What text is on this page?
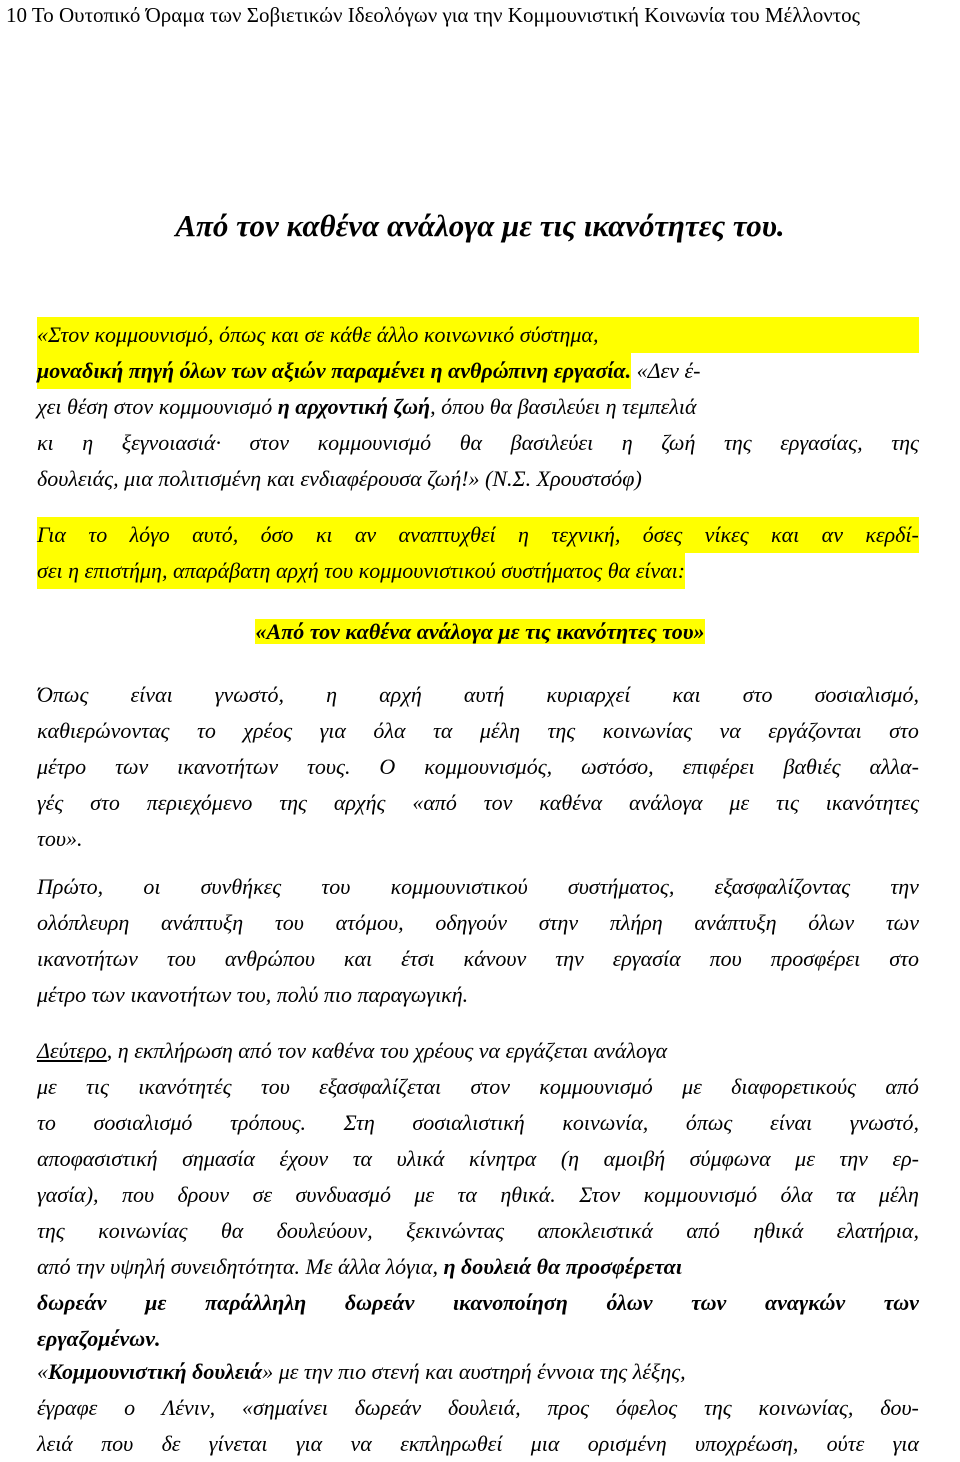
10 Το Ουτοπικό Όραμα των Σοβιετικών Ιδεολόγων για την Κομμουνιστική Κοινωνία του Μέλλοντος
Από τον καθένα ανάλογα με τις ικανότητες του.
«Στον κομμουνισμό, όπως και σε κάθε άλλο κοινωνικό σύστημα,
μοναδική πηγή όλων των αξιών παραμένει η ανθρώπινη εργασία. «Δεν έ-
χει θέση στον κομμουνισμό η αρχοντική ζωή, όπου θα βασιλεύει η τεμπελιά
κι η ξεγνοιασιά· στον κομμουνισμό θα βασιλεύει η ζωή της εργασίας, της
δουλειάς, μια πολιτισμένη και ενδιαφέρουσα ζωή!» (Ν.Σ. Χρουστσόφ)
Για το λόγο αυτό, όσο κι αν αναπτυχθεί η τεχνική, όσες νίκες και αν κερδί-
σει η επιστήμη, απαράβατη αρχή του κομμουνιστικού συστήματος θα είναι:
«Από τον καθένα ανάλογα με τις ικανότητες του»
Όπως είναι γνωστό, η αρχή αυτή κυριαρχεί και στο σοσιαλισμό,
καθιερώνοντας το χρέος για όλα τα μέλη της κοινωνίας να εργάζονται στο
μέτρο των ικανοτήτων τους. Ο κομμουνισμός, ωστόσο, επιφέρει βαθιές αλλα-
γές στο περιεχόμενο της αρχής «από τον καθένα ανάλογα με τις ικανότητες
του».
Πρώτο, οι συνθήκες του κομμουνιστικού συστήματος, εξασφαλίζοντας την
ολόπλευρη ανάπτυξη του ατόμου, οδηγούν στην πλήρη ανάπτυξη όλων των
ικανοτήτων του ανθρώπου και έτσι κάνουν την εργασία που προσφέρει στο
μέτρο των ικανοτήτων του, πολύ πιο παραγωγική.
Δεύτερο, η εκπλήρωση από τον καθένα του χρέους να εργάζεται ανάλογα
με τις ικανότητές του εξασφαλίζεται στον κομμουνισμό με διαφορετικούς από
το σοσιαλισμό τρόπους. Στη σοσιαλιστική κοινωνία, όπως είναι γνωστό,
αποφασιστική σημασία έχουν τα υλικά κίνητρα (η αμοιβή σύμφωνα με την ερ-
γασία), που δρουν σε συνδυασμό με τα ηθικά. Στον κομμουνισμό όλα τα μέλη
της κοινωνίας θα δουλεύουν, ξεκινώντας αποκλειστικά από ηθικά ελατήρια,
από την υψηλή συνειδητότητα. Με άλλα λόγια, η δουλειά θα προσφέρεται
δωρεάν με παράλληλη δωρεάν ικανοποίηση όλων των αναγκών των
εργαζομένων.
«Κομμουνιστική δουλειά» με την πιο στενή και αυστηρή έννοια της λέξης,
έγραφε ο Λένιν, «σημαίνει δωρεάν δουλειά, προς όφελος της κοινωνίας, δου-
λειά που δε γίνεται για να εκπληρωθεί μια ορισμένη υποχρέωση, ούτε για
